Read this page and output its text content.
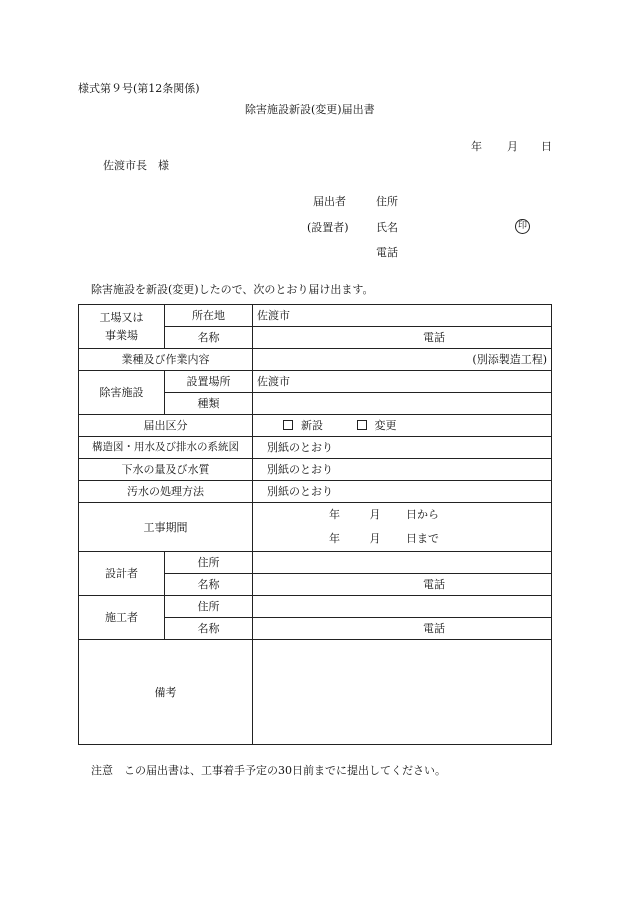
様式第９号(第12条関係)
除害施設新設(変更)届出書
年 月 日
佐渡市長　様
届出者	住所
(設置者) 氏名	印
電話
除害施設を新設(変更)したので、次のとおり届け出ます。
工場又は
事業場	所在地	佐渡市
	名称	電話
業種及び作業内容		(別添製造工程)
除害施設	設置場所	佐渡市
	種類	
届出区分		新設 変更
構造図・用水及び排水の系統図		別紙のとおり
下水の量及び水質		別紙のとおり
汚水の処理方法		別紙のとおり
工事期間		年 月 日から
年 月 日まで

設計者	住所	
	名称	電話
施工者	住所	
	名称	電話
備考		
注意　この届出書は、工事着手予定の30日前までに提出してください。
